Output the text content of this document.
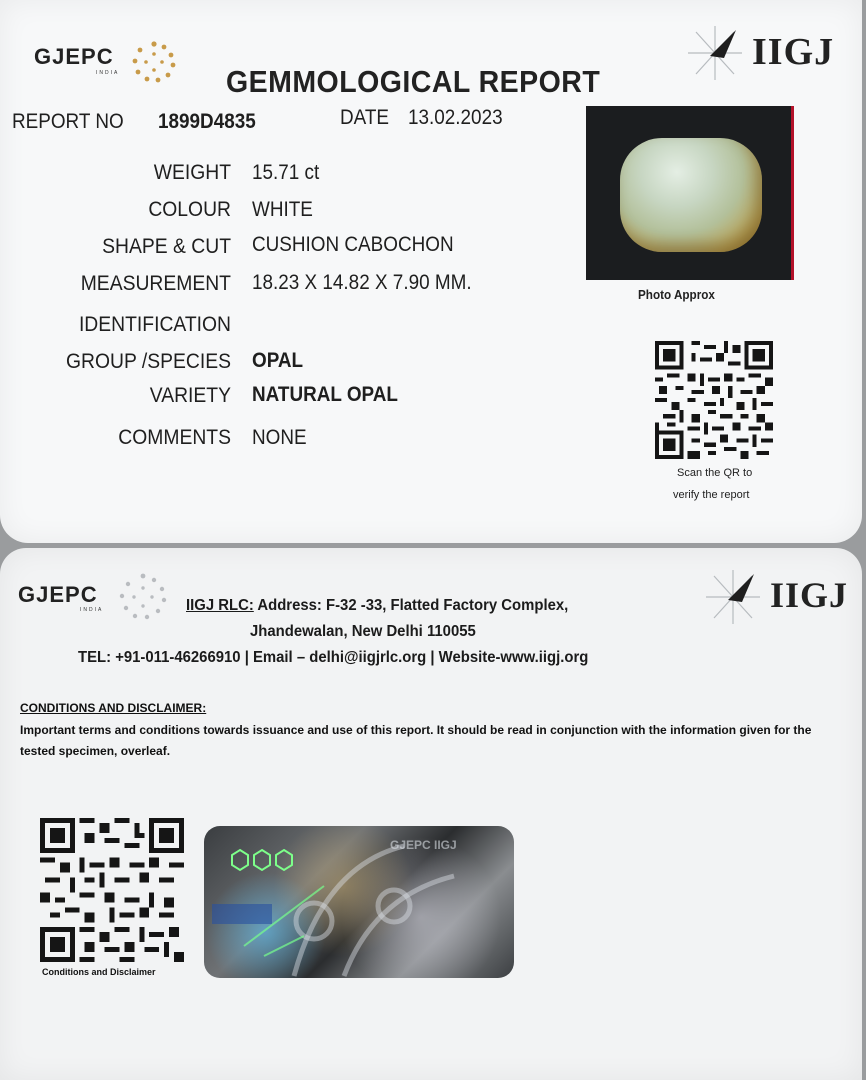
GJEPC
INDIA	IIGJ
GEMMOLOGICAL REPORT
REPORT NO 1899D4835	DATE 13.02.2023
WEIGHT 15.71 ct
COLOUR WHITE
SHAPE & CUT CUSHION CABOCHON
MEASUREMENT 18.23 X 14.82 X 7.90 MM.
IDENTIFICATION
GROUP /SPECIES OPAL
VARIETY NATURAL OPAL
COMMENTS NONE
Photo Approx
Scan the QR to
verify the report
GJEPC
INDIA	IIGJ
IIGJ RLC: Address: F-32 -33, Flatted Factory Complex,
Jhandewalan, New Delhi 110055
TEL: +91-011-46266910 | Email – delhi@iigjrlc.org | Website-www.iigj.org
CONDITIONS AND DISCLAIMER:
Important terms and conditions towards issuance and use of this report. It should be read in conjunction with the information given for the tested specimen, overleaf.
Conditions and Disclaimer
GJEPC IIGJ
